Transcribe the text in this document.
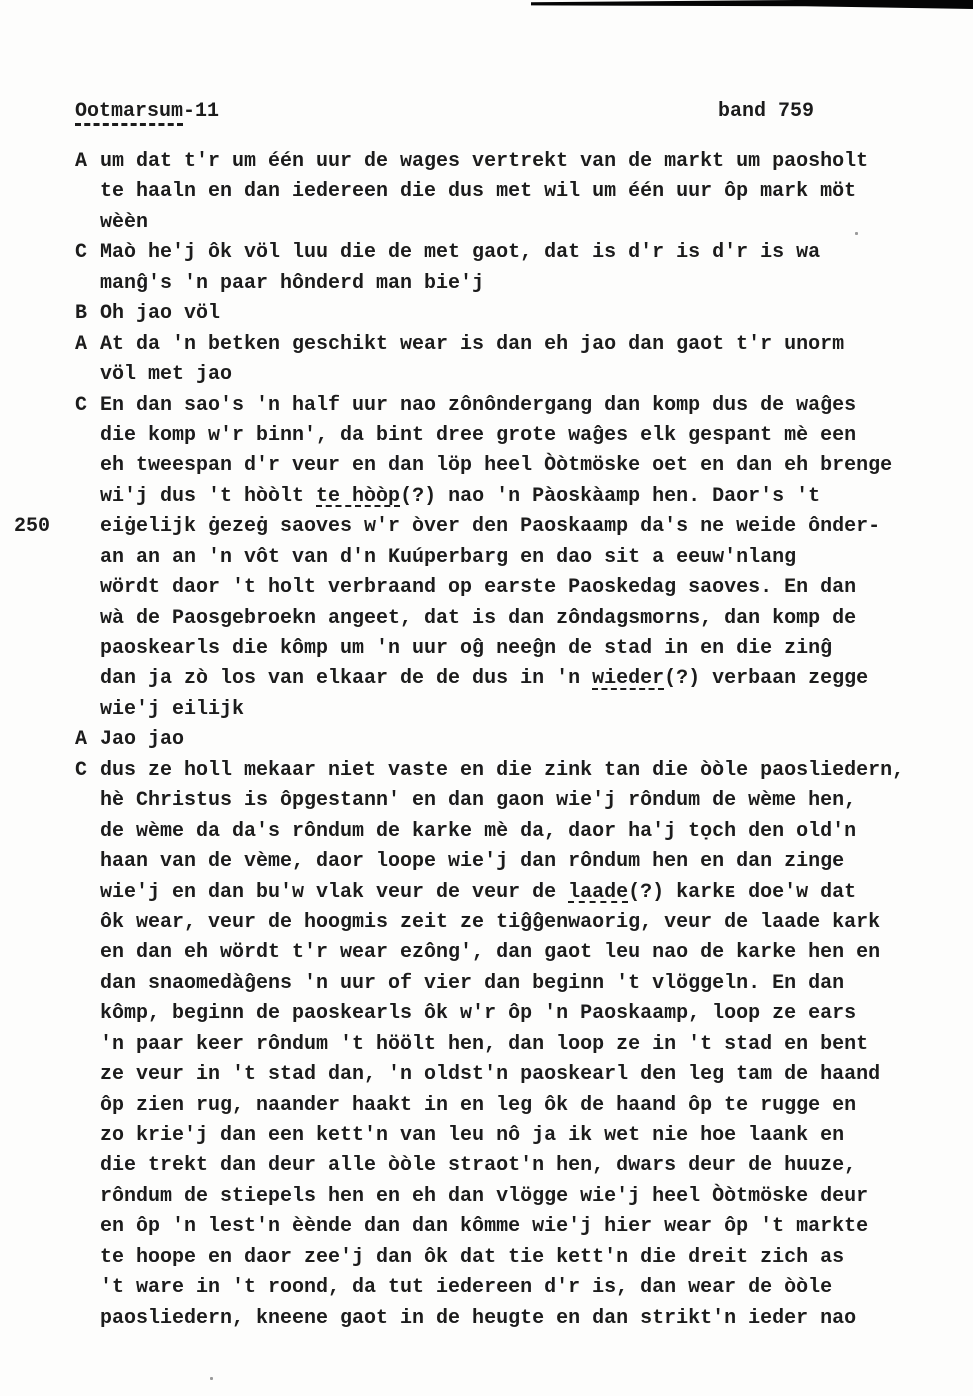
Ootmarsum-11	band 759
A um dat t'r um één uur de wages vertrekt van de markt um paosholt
te haaln en dan iedereen die dus met wil um één uur ôp mark möt
wèèn
C Maò he'j ôk völ luu die de met gaot, dat is d'r is d'r is wa
manĝ's 'n paar hônderd man bie'j
B Oh jao völ
A At da 'n betken geschikt wear is dan eh jao dan gaot t'r unorm
völ met jao
C En dan sao's 'n half uur nao zônôndergang dan komp dus de waĝes
die komp w'r binn', da bint dree grote waĝes elk gespant mè een
eh tweespan d'r veur en dan löp heel Òòtmöske oet en dan eh brenge
wi'j dus 't hòòlt te hòòp(?) nao 'n Pàoskàamp hen. Daor's 't
250 eiġelijk ġezeġ saoves w'r òver den Paoskaamp da's ne weide ônder-
an an an 'n vôt van d'n Kuúperbarg en dao sit a eeuw'nlang
wördt daor 't holt verbraand op earste Paoskedag saoves. En dan
wà de Paosgebroekn angeet, dat is dan zôndagsmorns, dan komp de
paoskearls die kômp um 'n uur oĝ neeĝn de stad in en die zinĝ
dan ja zò los van elkaar de de dus in 'n wieder(?) verbaan zegge
wie'j eilijk
A Jao jao
C dus ze holl mekaar niet vaste en die zink tan die òòle paosliedern,
hè Christus is ôpgestann' en dan gaon wie'j rôndum de wème hen,
de wème da da's rôndum de karke mè da, daor ha'j tọch den old'n
haan van de vème, daor loope wie'j dan rôndum hen en dan zinge
wie'j en dan bu'w vlak veur de veur de laade(?) karkᴇ doe'w dat
ôk wear, veur de hoogmis zeit ze tiĝĝenwaorig, veur de laade kark
en dan eh wördt t'r wear ezông', dan gaot leu nao de karke hen en
dan snaomedàĝens 'n uur of vier dan beginn 't vlöggeln. En dan
kômp, beginn de paoskearls ôk w'r ôp 'n Paoskaamp, loop ze ears
'n paar keer rôndum 't höölt hen, dan loop ze in 't stad en bent
ze veur in 't stad dan, 'n oldst'n paoskearl den leg tam de haand
ôp zien rug, naander haakt in en leg ôk de haand ôp te rugge en
zo krie'j dan een kett'n van leu nô ja ik wet nie hoe laank en
die trekt dan deur alle òòle straot'n hen, dwars deur de huuze,
rôndum de stiepels hen en eh dan vlögge wie'j heel Òòtmöske deur
en ôp 'n lest'n èènde dan dan kômme wie'j hier wear ôp 't markte
te hoope en daor zee'j dan ôk dat tie kett'n die dreit zich as
't ware in 't roond, da tut iedereen d'r is, dan wear de òòle
paosliedern, kneene gaot in de heugte en dan strikt'n ieder nao
